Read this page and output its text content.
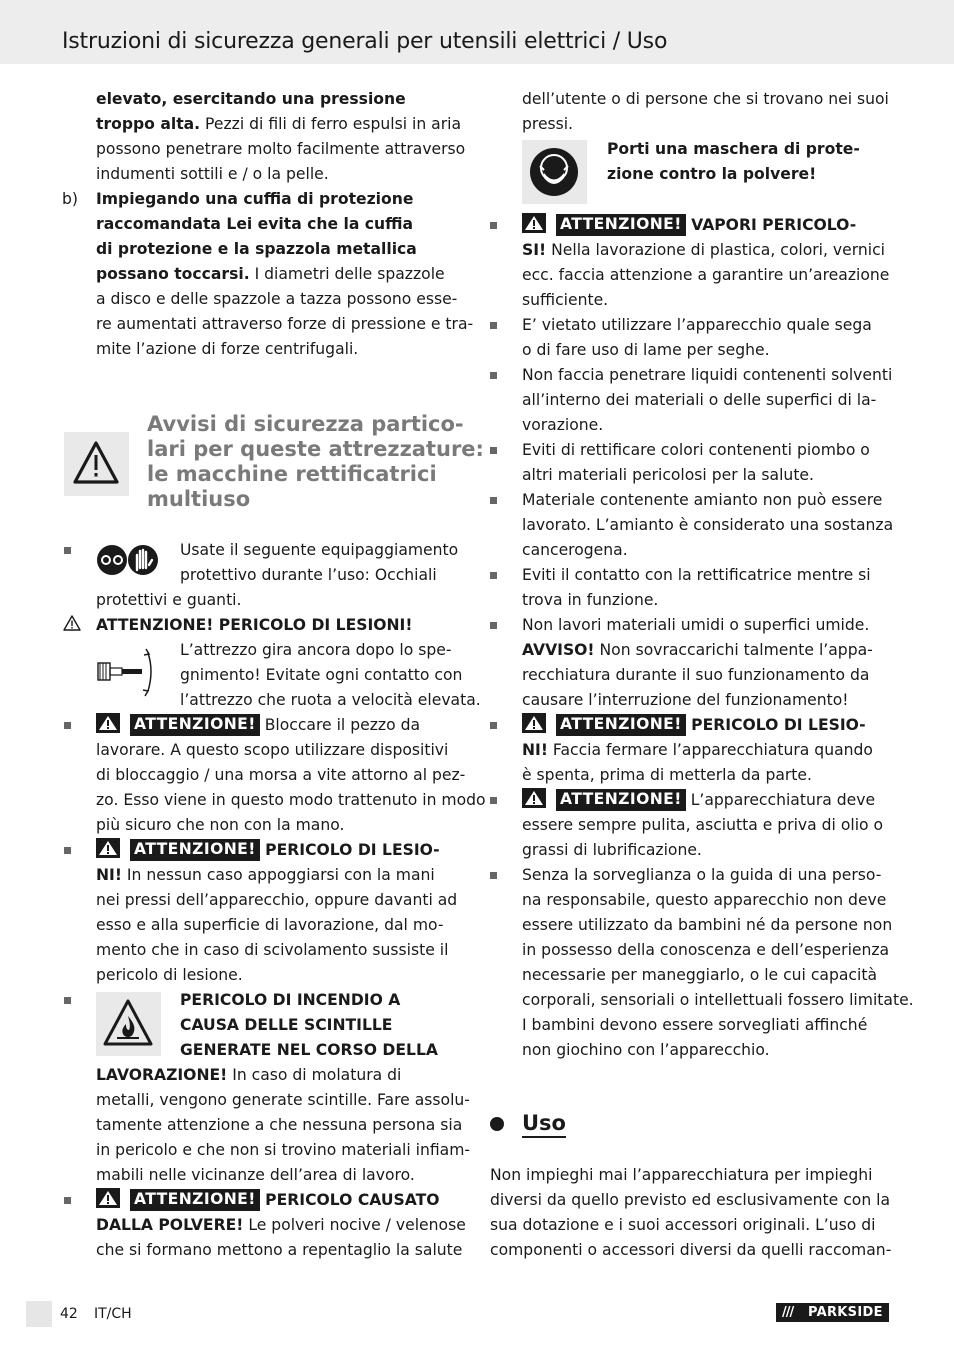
Istruzioni di sicurezza generali per utensili elettrici / Uso
elevato, esercitando una pressione
troppo alta. Pezzi di fili di ferro espulsi in aria
possono penetrare molto facilmente attraverso
indumenti sottili e / o la pelle.
b) Impiegando una cuffia di protezione
raccomandata Lei evita che la cuffia
di protezione e la spazzola metallica
possano toccarsi. I diametri delle spazzole
a disco e delle spazzole a tazza possono esse-
re aumentati attraverso forze di pressione e tra-
mite l’azione di forze centrifugali.
Avvisi di sicurezza partico-
lari per queste attrezzature:
le macchine rettificatrici
multiuso
Usate il seguente equipaggiamento
protettivo durante l’uso: Occhiali
protettivi e guanti.
ATTENZIONE! PERICOLO DI LESIONI!
L’attrezzo gira ancora dopo lo spe-
gnimento! Evitate ogni contatto con
l’attrezzo che ruota a velocità elevata.
ATTENZIONE! Bloccare il pezzo da
lavorare. A questo scopo utilizzare dispositivi
di bloccaggio / una morsa a vite attorno al pez-
zo. Esso viene in questo modo trattenuto in modo
più sicuro che non con la mano.
ATTENZIONE! PERICOLO DI LESIO-
NI! In nessun caso appoggiarsi con la mani
nei pressi dell’apparecchio, oppure davanti ad
esso e alla superficie di lavorazione, dal mo-
mento che in caso di scivolamento sussiste il
pericolo di lesione.
PERICOLO DI INCENDIO A
CAUSA DELLE SCINTILLE
GENERATE NEL CORSO DELLA
LAVORAZIONE! In caso di molatura di
metalli, vengono generate scintille. Fare assolu-
tamente attenzione a che nessuna persona sia
in pericolo e che non si trovino materiali infiam-
mabili nelle vicinanze dell’area di lavoro.
ATTENZIONE! PERICOLO CAUSATO
DALLA POLVERE! Le polveri nocive / velenose
che si formano mettono a repentaglio la salute
dell’utente o di persone che si trovano nei suoi
pressi.
Porti una maschera di prote-
zione contro la polvere!
ATTENZIONE! VAPORI PERICOLO-
SI! Nella lavorazione di plastica, colori, vernici
ecc. faccia attenzione a garantire un’areazione
sufficiente.
E’ vietato utilizzare l’apparecchio quale sega
o di fare uso di lame per seghe.
Non faccia penetrare liquidi contenenti solventi
all’interno dei materiali o delle superfici di la-
vorazione.
Eviti di rettificare colori contenenti piombo o
altri materiali pericolosi per la salute.
Materiale contenente amianto non può essere
lavorato. L’amianto è considerato una sostanza
cancerogena.
Eviti il contatto con la rettificatrice mentre si
trova in funzione.
Non lavori materiali umidi o superfici umide.
AVVISO! Non sovraccarichi talmente l’appa-
recchiatura durante il suo funzionamento da
causare l’interruzione del funzionamento!
ATTENZIONE! PERICOLO DI LESIO-
NI! Faccia fermare l’apparecchiatura quando
è spenta, prima di metterla da parte.
ATTENZIONE! L’apparecchiatura deve
essere sempre pulita, asciutta e priva di olio o
grassi di lubrificazione.
Senza la sorveglianza o la guida di una perso-
na responsabile, questo apparecchio non deve
essere utilizzato da bambini né da persone non
in possesso della conoscenza e dell’esperienza
necessarie per maneggiarlo, o le cui capacità
corporali, sensoriali o intellettuali fossero limitate.
I bambini devono essere sorvegliati affinché
non giochino con l’apparecchio.
Uso
Non impieghi mai l’apparecchiatura per impieghi
diversi da quello previsto ed esclusivamente con la
sua dotazione e i suoi accessori originali. L’uso di
componenti o accessori diversi da quelli raccoman-
42 IT/CH	/// PARKSIDE
